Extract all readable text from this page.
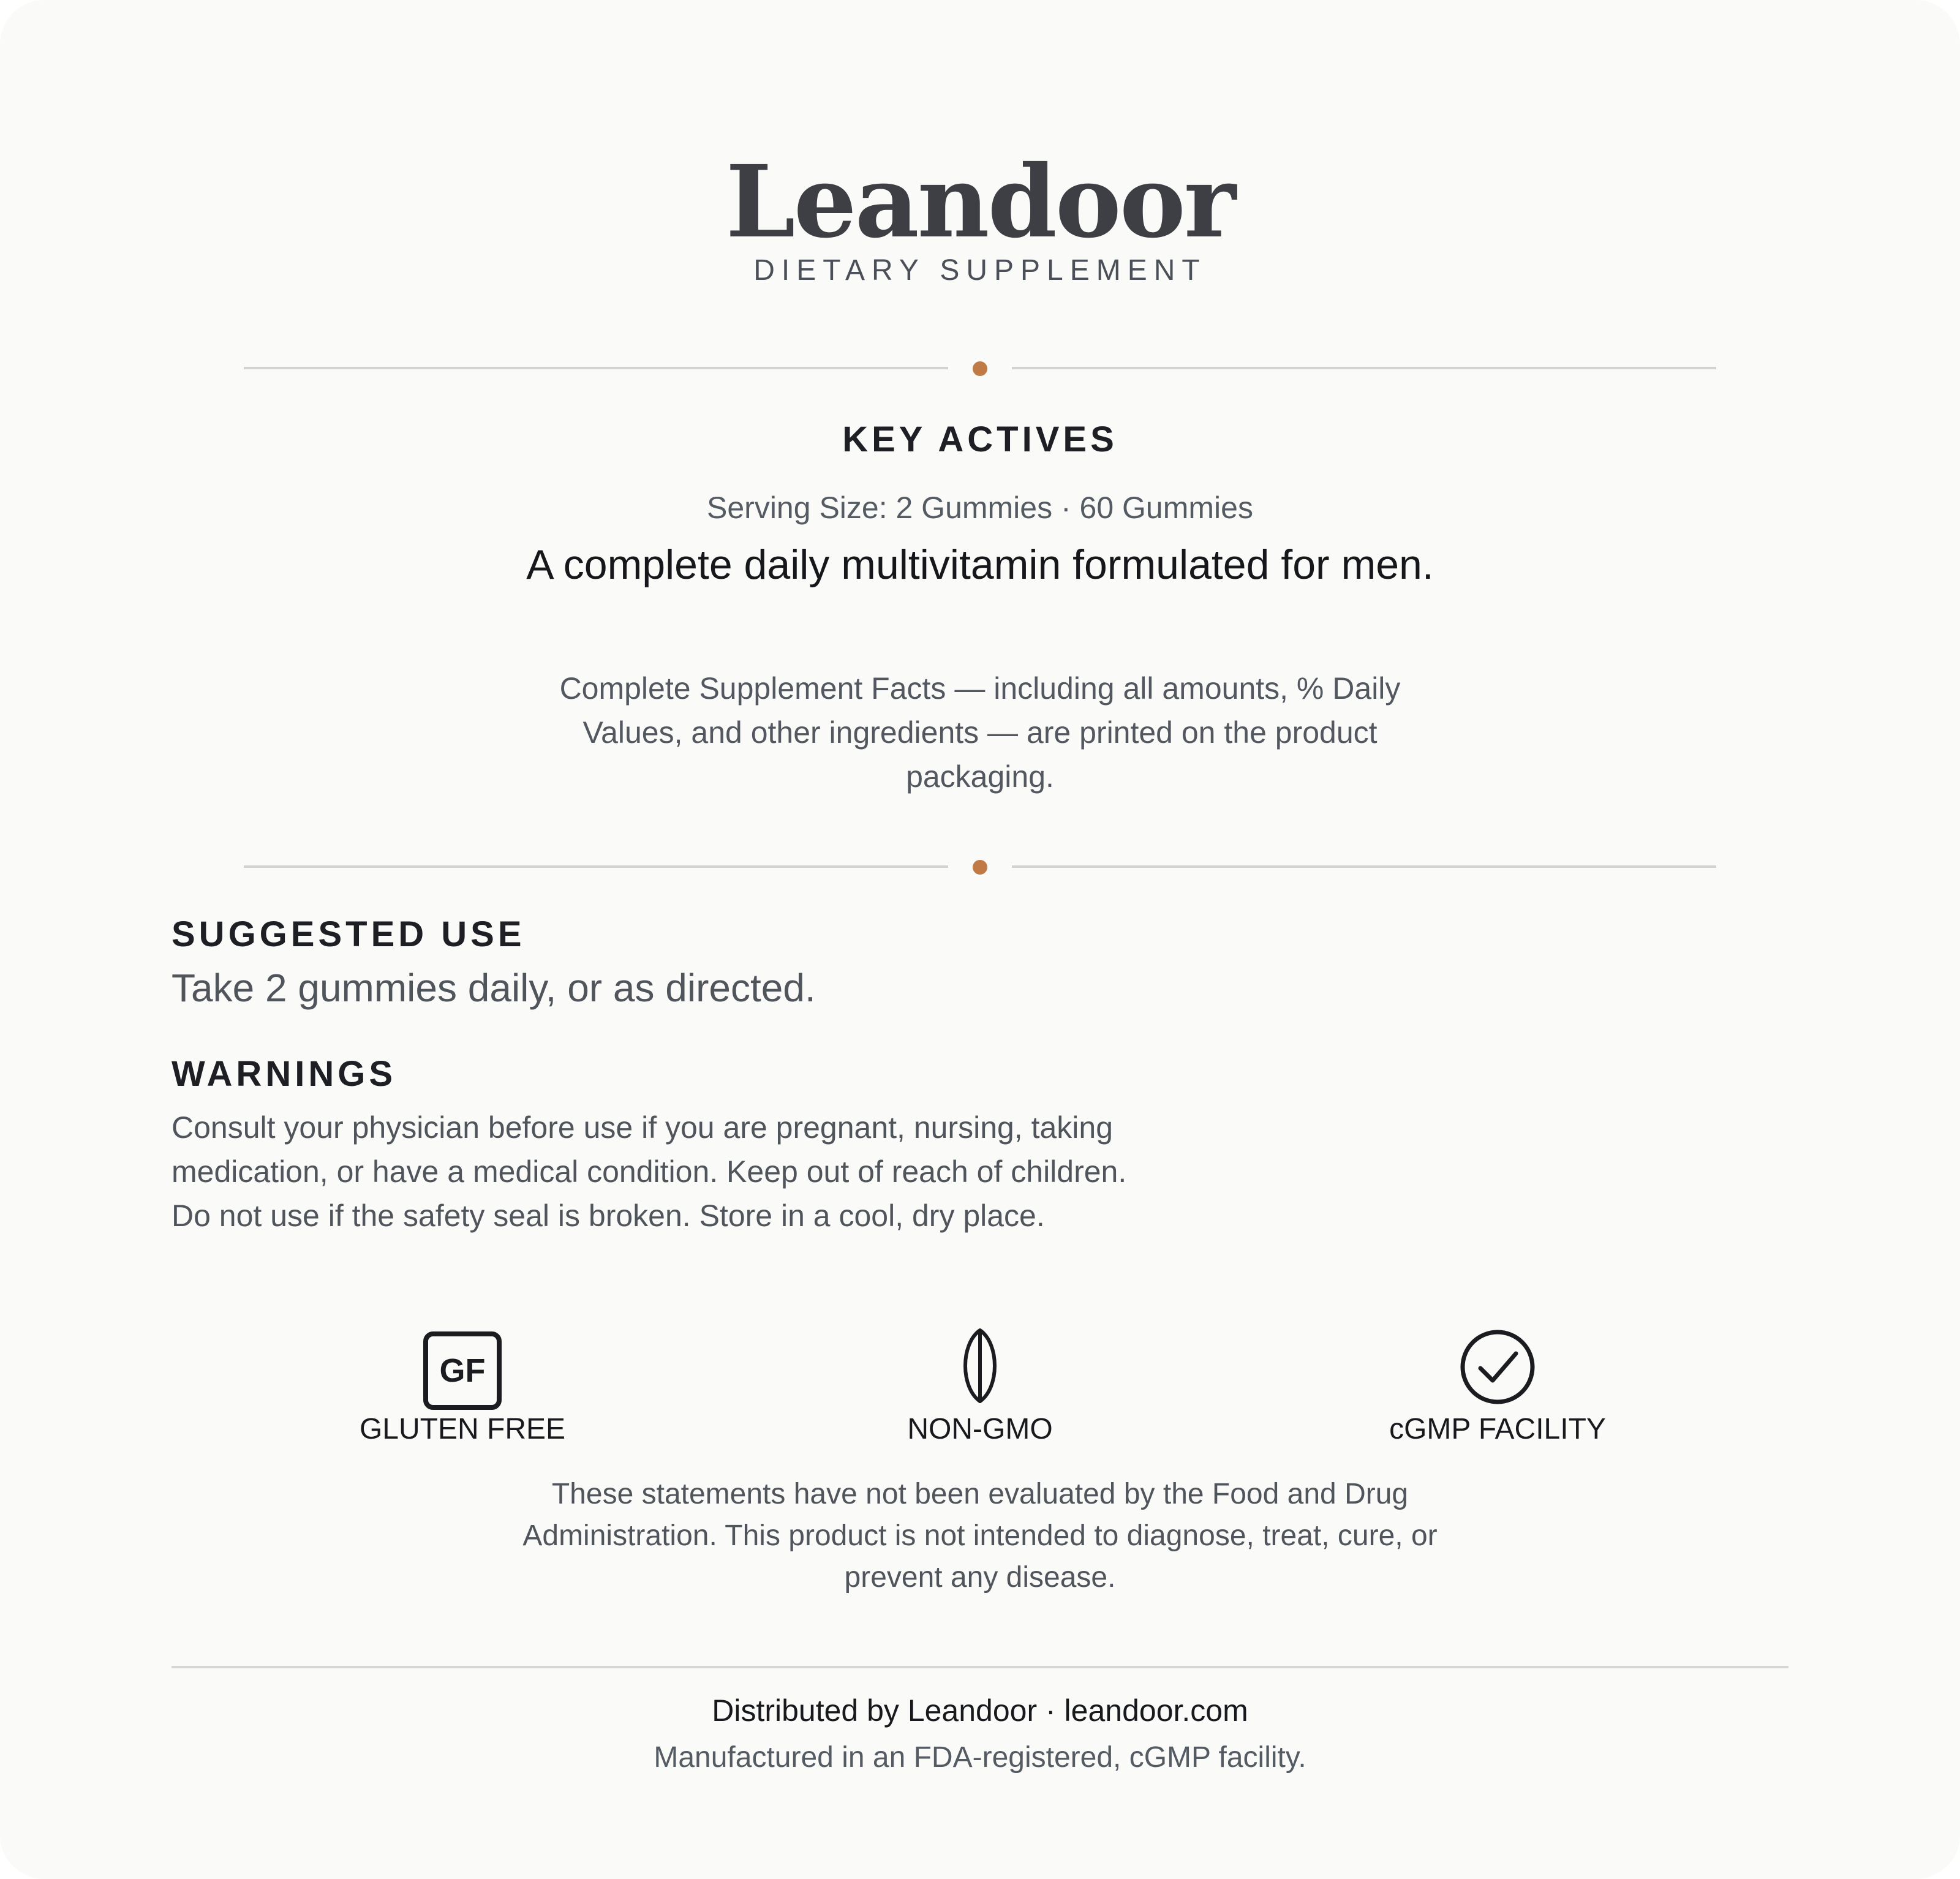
Leandoor
DIETARY SUPPLEMENT
KEY ACTIVES
Serving Size: 2 Gummies · 60 Gummies
A complete daily multivitamin formulated for men.
Complete Supplement Facts — including all amounts, % Daily Values, and other ingredients — are printed on the product packaging.
SUGGESTED USE
Take 2 gummies daily, or as directed.
WARNINGS
Consult your physician before use if you are pregnant, nursing, taking medication, or have a medical condition. Keep out of reach of children. Do not use if the safety seal is broken. Store in a cool, dry place.
GF
GLUTEN FREE	NON-GMO	cGMP FACILITY
These statements have not been evaluated by the Food and Drug Administration. This product is not intended to diagnose, treat, cure, or prevent any disease.
Distributed by Leandoor · leandoor.com
Manufactured in an FDA-registered, cGMP facility.
